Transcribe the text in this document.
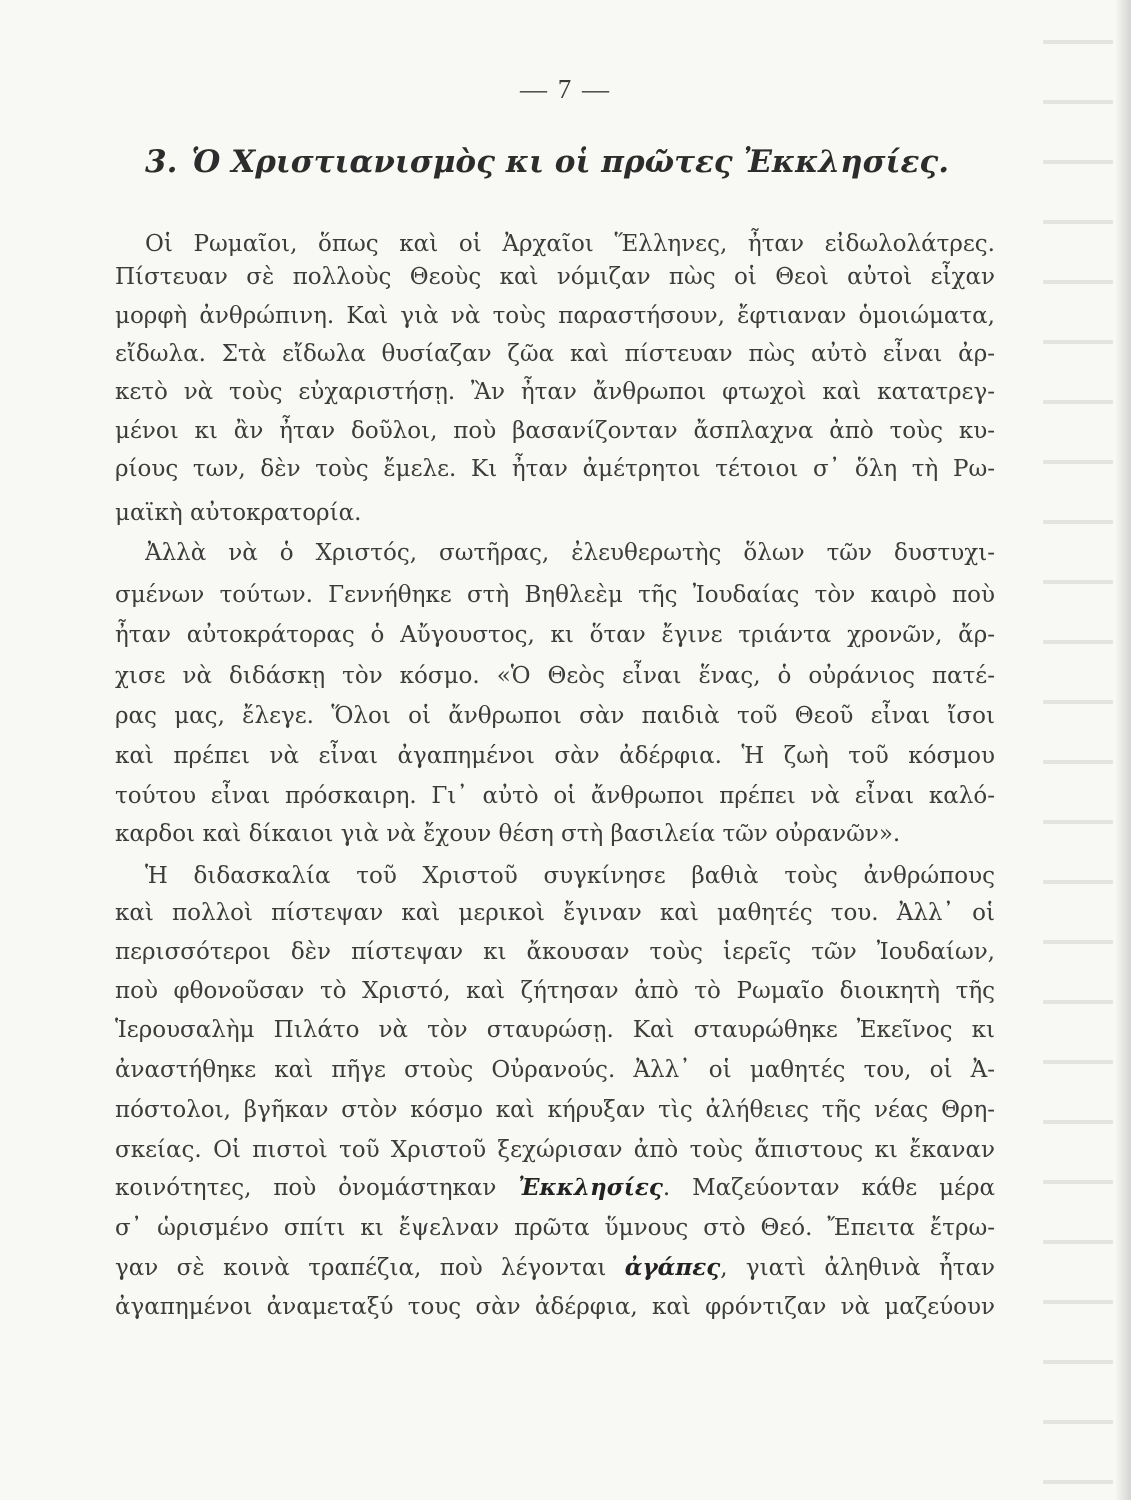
— 7 —
3. Ὁ Χριστιανισμὸς κι οἱ πρῶτες Ἐκκλησίες.
Οἱ Ρωμαῖοι, ὅπως καὶ οἱ Ἀρχαῖοι Ἕλληνες, ἦταν εἰδωλολάτρες.
Πίστευαν σὲ πολλοὺς Θεοὺς καὶ νόμιζαν πὼς οἱ Θεοὶ αὐτοὶ εἶχαν
μορφὴ ἀνθρώπινη. Καὶ γιὰ νὰ τοὺς παραστήσουν, ἔφτιαναν ὁμοιώματα,
εἴδωλα. Στὰ εἴδωλα θυσίαζαν ζῶα καὶ πίστευαν πὼς αὐτὸ εἶναι ἀρ-
κετὸ νὰ τοὺς εὐχαριστήσῃ. Ἂν ἦταν ἄνθρωποι φτωχοὶ καὶ κατατρεγ-
μένοι κι ἂν ἦταν δοῦλοι, ποὺ βασανίζονταν ἄσπλαχνα ἀπὸ τοὺς κυ-
ρίους των, δὲν τοὺς ἔμελε. Κι ἦταν ἀμέτρητοι τέτοιοι σ᾿ ὅλη τὴ Ρω-
μαϊκὴ αὐτοκρατορία.
Ἀλλὰ νὰ ὁ Χριστός, σωτῆρας, ἐλευθερωτὴς ὅλων τῶν δυστυχι-
σμένων τούτων. Γεννήθηκε στὴ Βηθλεὲμ τῆς Ἰουδαίας τὸν καιρὸ ποὺ
ἦταν αὐτοκράτορας ὁ Αὔγουστος, κι ὅταν ἔγινε τριάντα χρονῶν, ἄρ-
χισε νὰ διδάσκῃ τὸν κόσμο. «Ὁ Θεὸς εἶναι ἕνας, ὁ οὐράνιος πατέ-
ρας μας, ἔλεγε. Ὅλοι οἱ ἄνθρωποι σὰν παιδιὰ τοῦ Θεοῦ εἶναι ἴσοι
καὶ πρέπει νὰ εἶναι ἀγαπημένοι σὰν ἀδέρφια. Ἡ ζωὴ τοῦ κόσμου
τούτου εἶναι πρόσκαιρη. Γι᾿ αὐτὸ οἱ ἄνθρωποι πρέπει νὰ εἶναι καλό-
καρδοι καὶ δίκαιοι γιὰ νὰ ἔχουν θέση στὴ βασιλεία τῶν οὐρανῶν».
Ἡ διδασκαλία τοῦ Χριστοῦ συγκίνησε βαθιὰ τοὺς ἀνθρώπους
καὶ πολλοὶ πίστεψαν καὶ μερικοὶ ἔγιναν καὶ μαθητές του. Ἀλλ᾿ οἱ
περισσότεροι δὲν πίστεψαν κι ἄκουσαν τοὺς ἱερεῖς τῶν Ἰουδαίων,
ποὺ φθονοῦσαν τὸ Χριστό, καὶ ζήτησαν ἀπὸ τὸ Ρωμαῖο διοικητὴ τῆς
Ἱερουσαλὴμ Πιλάτο νὰ τὸν σταυρώσῃ. Καὶ σταυρώθηκε Ἐκεῖνος κι
ἀναστήθηκε καὶ πῆγε στοὺς Οὐρανούς. Ἀλλ᾿ οἱ μαθητές του, οἱ Ἀ-
πόστολοι, βγῆκαν στὸν κόσμο καὶ κήρυξαν τὶς ἀλήθειες τῆς νέας Θρη-
σκείας. Οἱ πιστοὶ τοῦ Χριστοῦ ξεχώρισαν ἀπὸ τοὺς ἄπιστους κι ἔκαναν
κοινότητες, ποὺ ὀνομάστηκαν Ἐκκλησίες. Μαζεύονταν κάθε μέρα
σ᾿ ὡρισμένο σπίτι κι ἔψελναν πρῶτα ὕμνους στὸ Θεό. Ἔπειτα ἔτρω-
γαν σὲ κοινὰ τραπέζια, ποὺ λέγονται ἀγάπες, γιατὶ ἀληθινὰ ἦταν
ἀγαπημένοι ἀναμεταξύ τους σὰν ἀδέρφια, καὶ φρόντιζαν νὰ μαζεύουν
